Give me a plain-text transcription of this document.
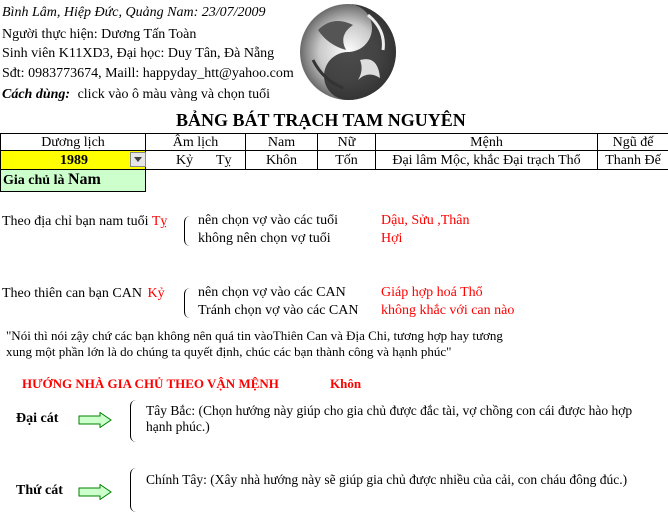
Bình Lâm, Hiệp Đức, Quảng Nam: 23/07/2009
Người thực hiện: Dương Tấn Toàn
Sinh viên K11XD3, Đại học: Duy Tân, Đà Nẵng
Sđt: 0983773674, Maill: happyday_htt@yahoo.com
Cách dùng: click vào ô màu vàng và chọn tuổi
BẢNG BÁT TRẠCH TAM NGUYÊN
Dương lịch	Âm lịch	Nam	Nữ	Mệnh	Ngũ đế
1989	Kỷ Tỵ	Khôn	Tốn	Đại lâm Mộc, khắc Đại trạch Thổ	Thanh Đế
Gia chủ là Nam
Theo địa chỉ bạn nam tuổi Tỵ nên chọn vợ vào các tuổi	Dậu, Sửu ,Thân
không nên chọn vợ tuổi	Hợi
Theo thiên can bạn CAN Kỷ nên chọn vợ vào các CAN	Giáp hợp hoá Thổ
Tránh chọn vợ vào các CAN không khắc với can nào
"Nói thì nói zậy chứ các bạn không nên quá tin vàoThiên Can và Địa Chi, tương hợp hay tương
xung một phần lớn là do chúng ta quyết định, chúc các bạn thành công và hạnh phúc"
HƯỚNG NHÀ GIA CHỦ THEO VẬN MỆNH	Khôn
Đại cát
Tây Bắc: (Chọn hướng này giúp cho gia chủ được đắc tài, vợ chồng con cái được hào hợp
hạnh phúc.)
Thứ cát
Chính Tây: (Xây nhà hướng này sẽ giúp gia chủ được nhiều của cải, con cháu đông đúc.)
